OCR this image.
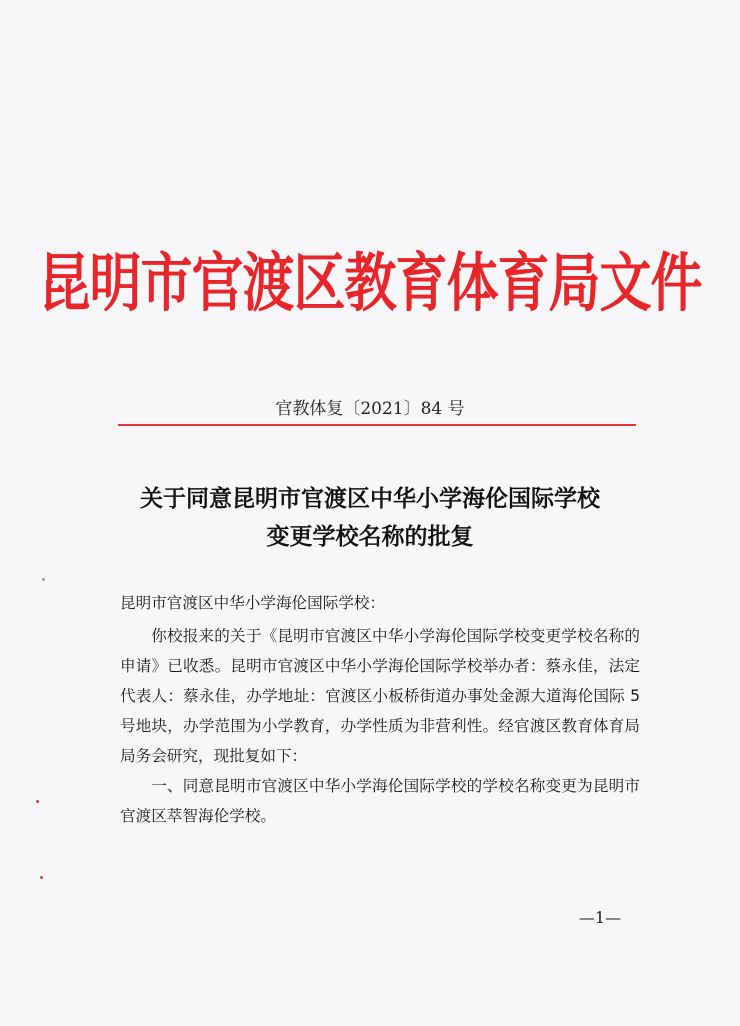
昆明市官渡区教育体育局文件
官教体复〔2021〕84 号
关于同意昆明市官渡区中华小学海伦国际学校
变更学校名称的批复

昆明市官渡区中华小学海伦国际学校：

你校报来的关于《昆明市官渡区中华小学海伦国际学校变更学校名称的申请》已收悉。昆明市官渡区中华小学海伦国际学校举办者：蔡永佳，法定代表人：蔡永佳，办学地址：官渡区小板桥街道办事处金源大道海伦国际 5 号地块，办学范围为小学教育，办学性质为非营利性。经官渡区教育体育局局务会研究，现批复如下：

一、同意昆明市官渡区中华小学海伦国际学校的学校名称变更为昆明市官渡区萃智海伦学校。

—1—
